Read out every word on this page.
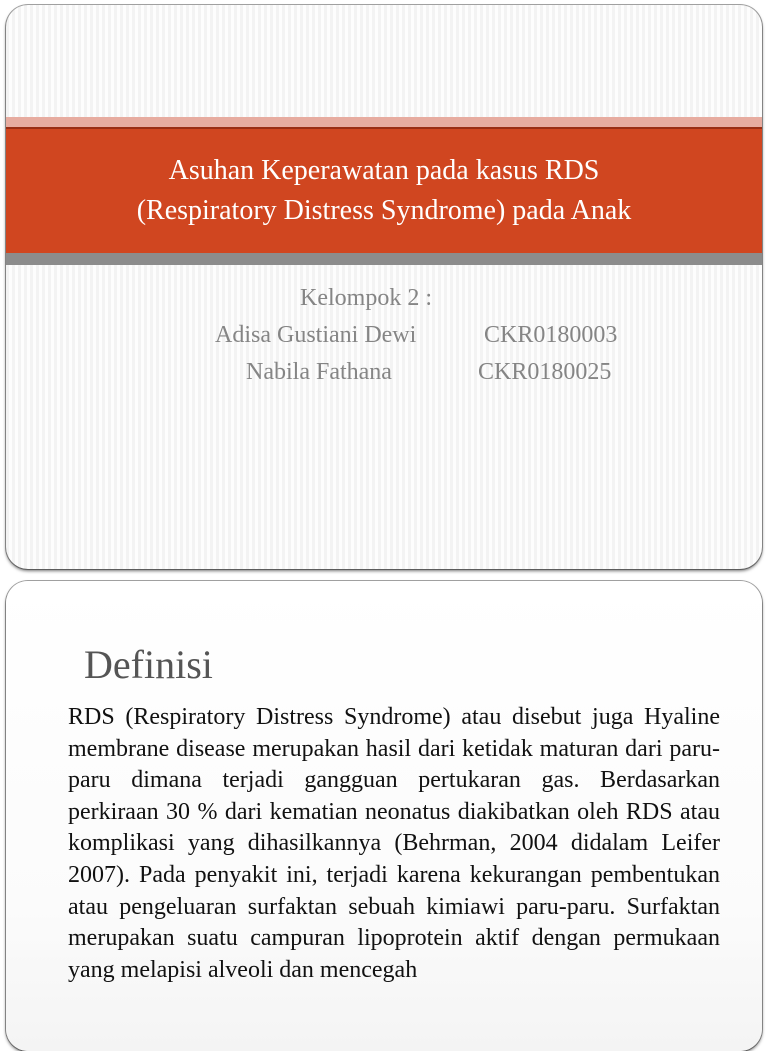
Asuhan Keperawatan pada kasus RDS
(Respiratory Distress Syndrome) pada Anak
Kelompok 2 :
Adisa Gustiani Dewi	CKR0180003
Nabila Fathana	CKR0180025
Definisi

RDS (Respiratory Distress Syndrome) atau disebut juga Hyaline membrane disease merupakan hasil dari ketidak maturan dari paru-paru dimana terjadi gangguan pertukaran gas. Berdasarkan perkiraan 30 % dari kematian neonatus diakibatkan oleh RDS atau komplikasi yang dihasilkannya (Behrman, 2004 didalam Leifer 2007). Pada penyakit ini, terjadi karena kekurangan pembentukan atau pengeluaran surfaktan sebuah kimiawi paru-paru. Surfaktan merupakan suatu campuran lipoprotein aktif dengan permukaan yang melapisi alveoli dan mencegah
